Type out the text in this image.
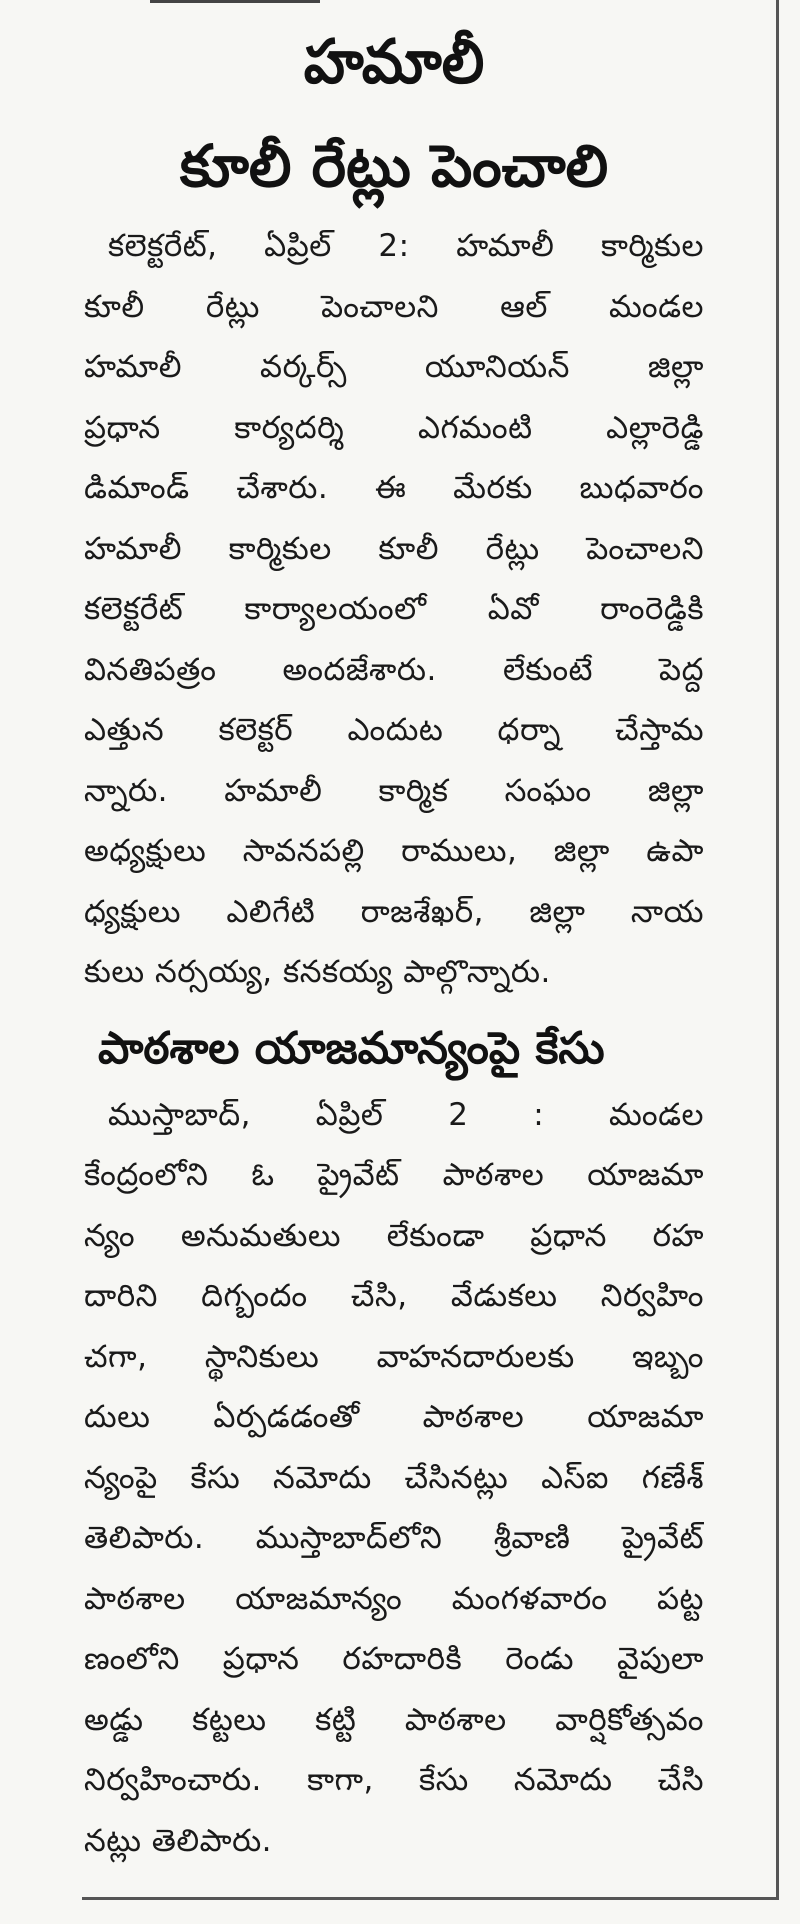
హమాలీ
కూలీ రేట్లు పెంచాలి

కలెక్టరేట్, ఏప్రిల్ 2: హమాలీ కార్మికుల

కూలీ రేట్లు పెంచాలని ఆల్ మండల

హమాలీ వర్కర్స్ యూనియన్ జిల్లా

ప్రధాన కార్యదర్శి ఎగమంటి ఎల్లారెడ్డి

డిమాండ్ చేశారు. ఈ మేరకు బుధవారం

హమాలీ కార్మికుల కూలీ రేట్లు పెంచాలని

కలెక్టరేట్ కార్యాలయంలో ఏవో రాంరెడ్డికి

వినతిపత్రం అందజేశారు. లేకుంటే పెద్ద

ఎత్తున కలెక్టర్ ఎందుట ధర్నా చేస్తామ

న్నారు. హమాలీ కార్మిక సంఘం జిల్లా

అధ్యక్షులు సావనపల్లి రాములు, జిల్లా ఉపా

ధ్యక్షులు ఎలిగేటి రాజశేఖర్, జిల్లా నాయ

కులు నర్సయ్య, కనకయ్య పాల్గొన్నారు.

పాఠశాల యాజమాన్యంపై కేసు

ముస్తాబాద్, ఏప్రిల్ 2 : మండల

కేంద్రంలోని ఓ ప్రైవేట్ పాఠశాల యాజమా

న్యం అనుమతులు లేకుండా ప్రధాన రహ

దారిని దిగ్బందం చేసి, వేడుకలు నిర్వహిం

చగా, స్థానికులు వాహనదారులకు ఇబ్బం

దులు ఏర్పడడంతో పాఠశాల యాజమా

న్యంపై కేసు నమోదు చేసినట్లు ఎస్ఐ గణేశ్

తెలిపారు. ముస్తాబాద్‌లోని శ్రీవాణి ప్రైవేట్

పాఠశాల యాజమాన్యం మంగళవారం పట్ట

ణంలోని ప్రధాన రహదారికి రెండు వైపులా

అడ్డు కట్టలు కట్టి పాఠశాల వార్షికోత్సవం

నిర్వహించారు. కాగా, కేసు నమోదు చేసి

నట్లు తెలిపారు.
